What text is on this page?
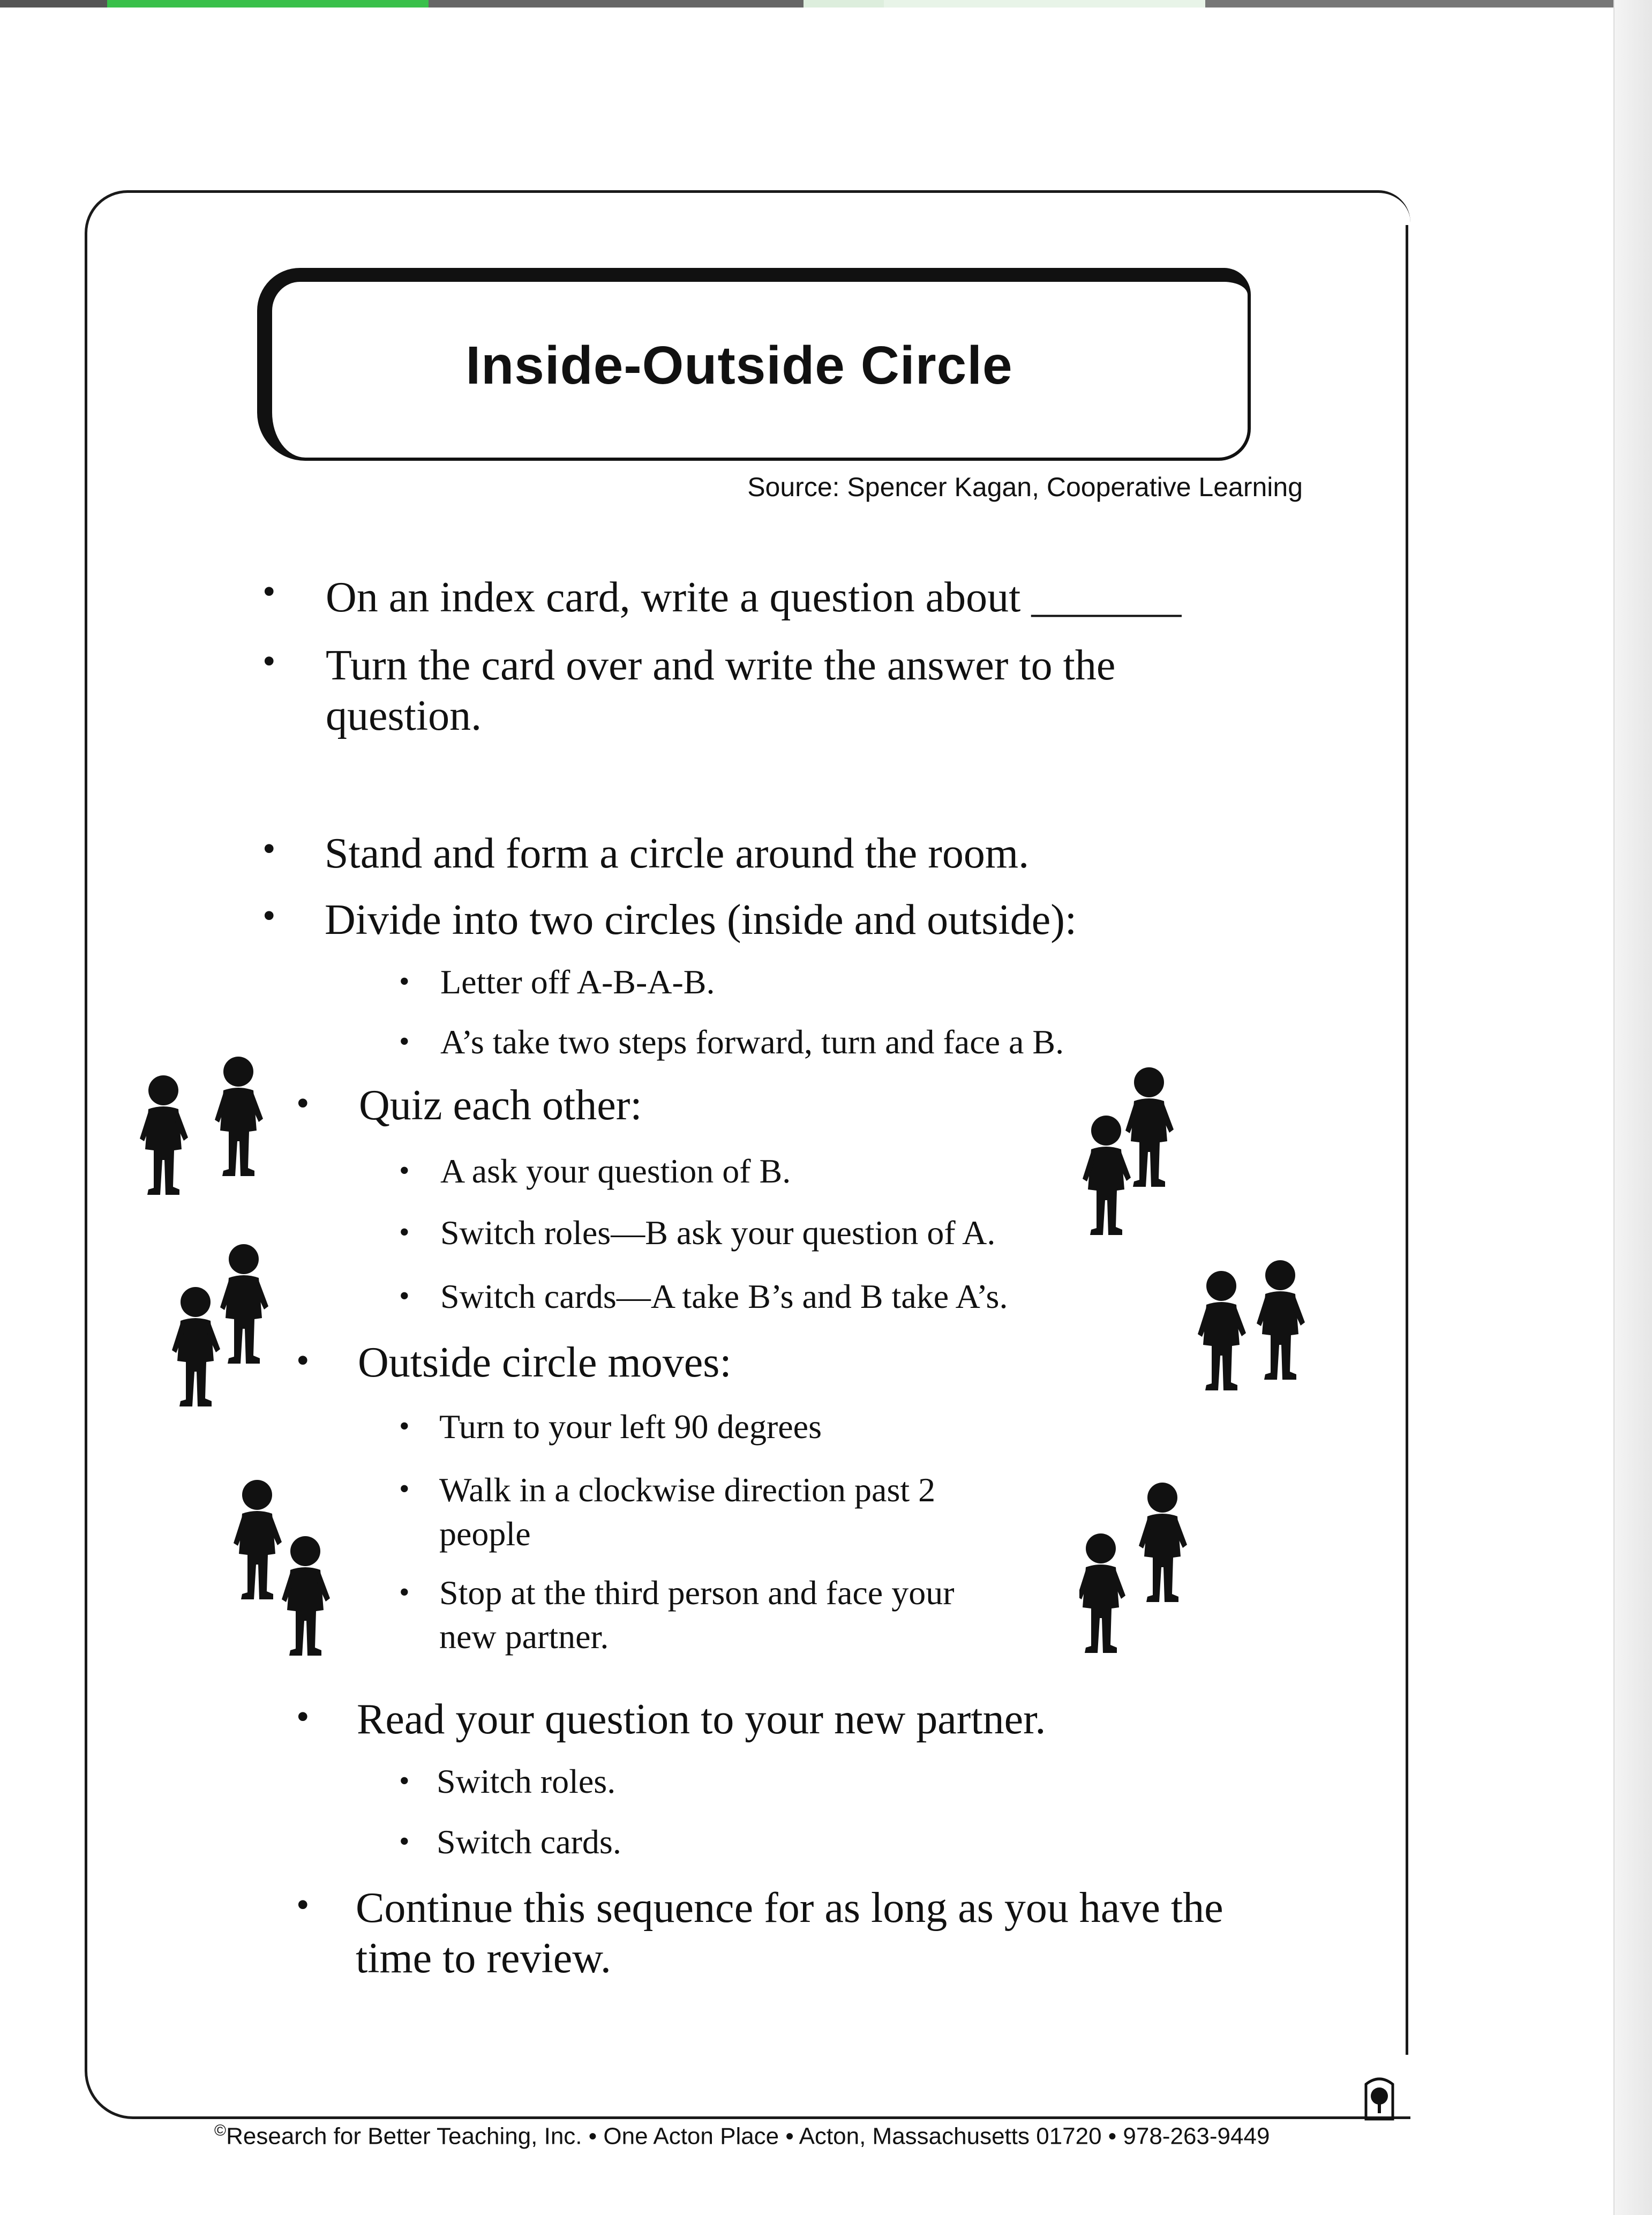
Inside-Outside Circle
Source: Spencer Kagan, Cooperative Learning
• On an index card, write a question about _______
• Turn the card over and write the answer to the
question.
• Stand and form a circle around the room.
• Divide into two circles (inside and outside):
• Letter off A-B-A-B.
• A’s take two steps forward, turn and face a B.
• Quiz each other:
• A ask your question of B.
• Switch roles—B ask your question of A.
• Switch cards—A take B’s and B take A’s.
• Outside circle moves:
• Turn to your left 90 degrees
• Walk in a clockwise direction past 2
people
• Stop at the third person and face your
new partner.
• Read your question to your new partner.
• Switch roles.
• Switch cards.
• Continue this sequence for as long as you have the
time to review.
©Research for Better Teaching, Inc. • One Acton Place • Acton, Massachusetts 01720 • 978-263-9449
